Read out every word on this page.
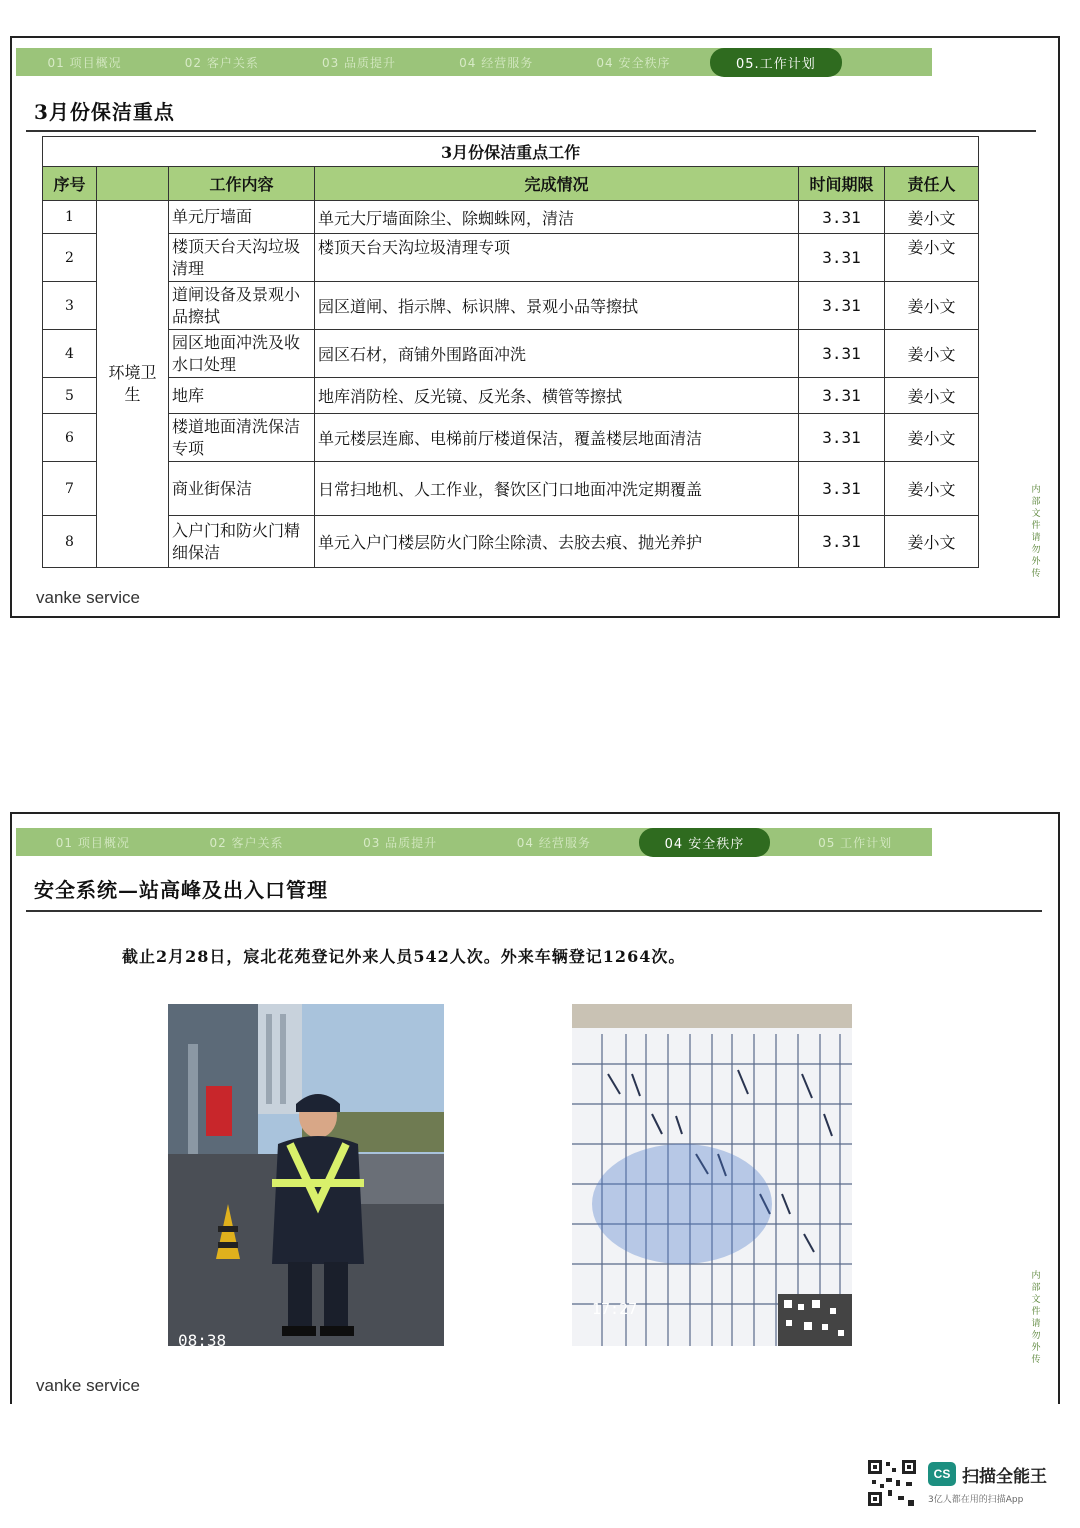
01 项目概况	02 客户关系	03 品质提升	04 经营服务	04 安全秩序	05.工作计划
3月份保洁重点
3月份保洁重点工作					
序号		工作内容	完成情况	时间期限	责任人
1	环境卫生	单元厅墙面	单元大厅墙面除尘、除蜘蛛网，清洁	3.31	姜小文
2		楼顶天台天沟垃圾清理	楼顶天台天沟垃圾清理专项	3.31	姜小文
3		道闸设备及景观小品擦拭	园区道闸、指示牌、标识牌、景观小品等擦拭	3.31	姜小文
4		园区地面冲洗及收水口处理	园区石材，商铺外围路面冲洗	3.31	姜小文
5		地库	地库消防栓、反光镜、反光条、横管等擦拭	3.31	姜小文
6		楼道地面清洗保洁专项	单元楼层连廊、电梯前厅楼道保洁，覆盖楼层地面清洁	3.31	姜小文
7		商业街保洁	日常扫地机、人工作业，餐饮区门口地面冲洗定期覆盖	3.31	姜小文
8		入户门和防火门精细保洁	单元入户门楼层防火门除尘除渍、去胶去痕、抛光养护	3.31	姜小文
vanke service
内部文件 请勿外传
01 项目概况	02 客户关系	03 品质提升	04 经营服务	04 安全秩序	05 工作计划
安全系统—站高峰及出入口管理
截止2月28日，宸北花苑登记外来人员542人次。外来车辆登记1264次。
08:38
17:27
vanke service
内部文件 请勿外传
CS 扫描全能王
3亿人都在用的扫描App
